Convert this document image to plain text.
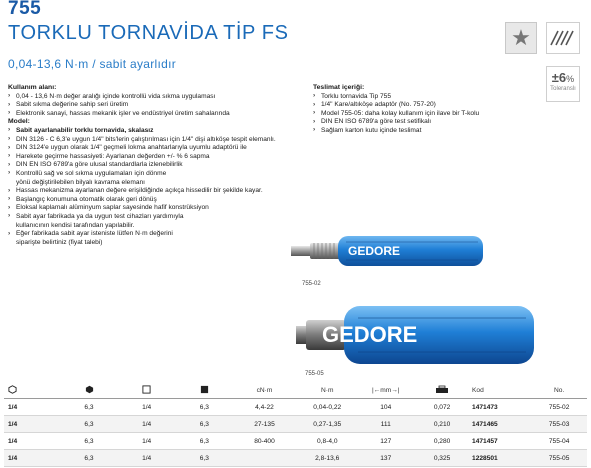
755
TORKLU TORNAVİDA TİP FS
0,04-13,6 N·m / sabit ayarlıdır
★
±6%
Toleranslı
Kullanım alanı:
› 0,04 - 13,6 N·m değer aralığı içinde kontrollü vida sıkma uygulaması
› Sabit sıkma değerine sahip seri üretim
› Elektronik sanayi, hassas mekanik işler ve endüstriyel üretim sahalarında
Model:
› Sabit ayarlanabilir torklu tornavida, skalasız
› DIN 3126 - C 6,3'e uygun 1/4" bits'lerin çalıştırılması için 1/4" dişi altıköşe tespit elemanlı.
› DIN 3124'e uygun olarak 1/4" geçmeli lokma anahtarlarıyla uyumlu adaptörü ile
› Harekete geçirme hassasiyeti: Ayarlanan değerden +/- % 6 sapma
› DIN EN ISO 6789'a göre ulusal standardlarla izlenebilirlik
› Kontrollü sağ ve sol sıkma uygulamaları için dönme yönü değiştirilebilen bilyalı kavrama elemanı
› Hassas mekanizma ayarlanan değere erişildiğinde açıkça hissedilir bir şekilde kayar.
› Başlangıç konumuna otomatik olarak geri dönüş
› Eloksal kaplamalı alüminyum saplar sayesinde hafif konstrüksiyon
› Sabit ayar fabrikada ya da uygun test cihazları yardımıyla kullanıcının kendisi tarafından yapılabilir.
› Eğer fabrikada sabit ayar isteniste lütfen N·m değerini siparişte belirtiniz (fiyat talebi)
Teslimat içeriği:
› Torklu tornavida Tip 755
› 1/4" Kare/altıköşe adaptör (No. 757-20)
› Model 755-05: daha kolay kullanım için ilave bir T-kolu
› DIN EN ISO 6789'a göre test setifikalı
› Sağlam karton kutu içinde teslimat
GEDORE
755-02
GEDORE
755-05
				cN·m	N·m	|←mm→|		Kod	No.
1/4	6,3	1/4	6,3	4,4-22	0,04-0,22	104	0,072	1471473	755-02
1/4	6,3	1/4	6,3	27-135	0,27-1,35	111	0,210	1471465	755-03
1/4	6,3	1/4	6,3	80-400	0,8-4,0	127	0,280	1471457	755-04
1/4	6,3	1/4	6,3		2,8-13,6	137	0,325	1228501	755-05
